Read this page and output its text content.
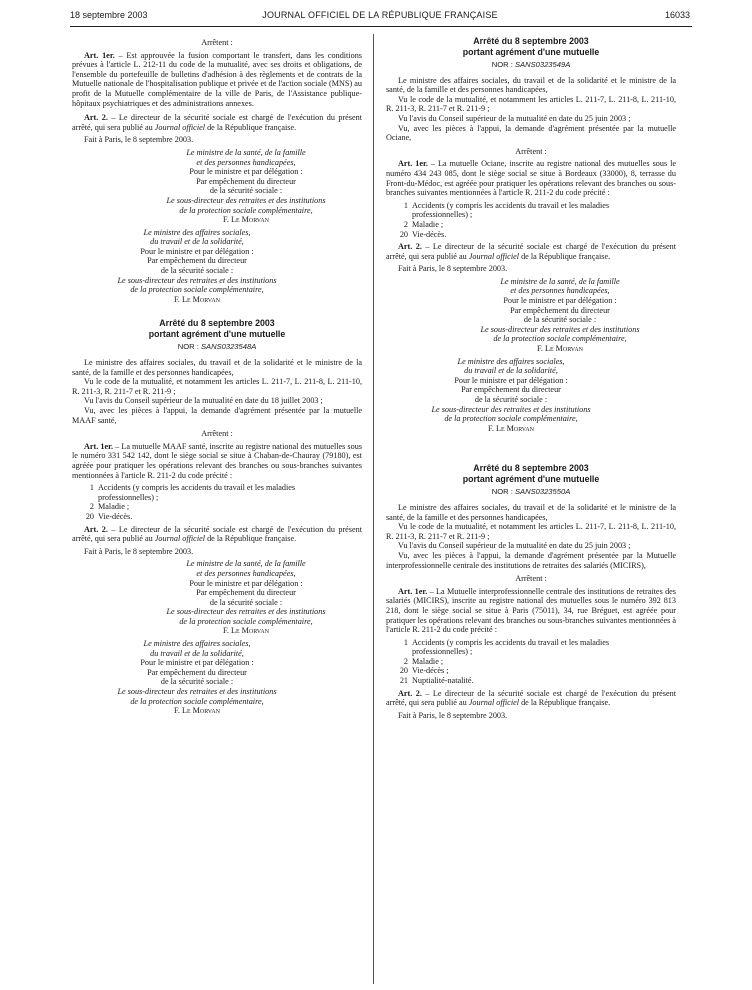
18 septembre 2003	JOURNAL OFFICIEL DE LA RÉPUBLIQUE FRANÇAISE	16033

Arrêtent :

Art. 1er. – Est approuvée la fusion comportant le transfert, dans les conditions prévues à l'article L. 212-11 du code de la mutualité, avec ses droits et obligations, de l'ensemble du portefeuille de bulletins d'adhésion à des règlements et de contrats de la Mutuelle nationale de l'hospitalisation publique et privée et de l'action sociale (MNS) au profit de la Mutuelle complémentaire de la ville de Paris, de l'Assistance publique-hôpitaux psychiatriques et des administrations annexes.

Art. 2. – Le directeur de la sécurité sociale est chargé de l'exécution du présent arrêté, qui sera publié au Journal officiel de la République française.

Fait à Paris, le 8 septembre 2003.

Le ministre de la santé, de la famille
et des personnes handicapées,
Pour le ministre et par délégation :
Par empêchement du directeur
de la sécurité sociale :
Le sous-directeur des retraites et des institutions
de la protection sociale complémentaire,
F. Le Morvan
Le ministre des affaires sociales,
du travail et de la solidarité,
Pour le ministre et par délégation :
Par empêchement du directeur
de la sécurité sociale :
Le sous-directeur des retraites et des institutions
de la protection sociale complémentaire,
F. Le Morvan
Arrêté du 8 septembre 2003
portant agrément d'une mutuelle
NOR : SANS0323548A

Le ministre des affaires sociales, du travail et de la solidarité et le ministre de la santé, de la famille et des personnes handicapées,

Vu le code de la mutualité, et notamment les articles L. 211-7, L. 211-8, L. 211-10, R. 211-3, R. 211-7 et R. 211-9 ;

Vu l'avis du Conseil supérieur de la mutualité en date du 18 juillet 2003 ;

Vu, avec les pièces à l'appui, la demande d'agrément présentée par la mutuelle MAAF santé,

Arrêtent :

Art. 1er. – La mutuelle MAAF santé, inscrite au registre national des mutuelles sous le numéro 331 542 142, dont le siège social se situe à Chaban-de-Chauray (79180), est agréée pour pratiquer les opérations relevant des branches ou sous-branches suivantes mentionnées à l'article R. 211-2 du code précité :

1 Accidents (y compris les accidents du travail et les maladies
professionnelles) ;
2 Maladie ;
20 Vie-décès.

Art. 2. – Le directeur de la sécurité sociale est chargé de l'exécution du présent arrêté, qui sera publié au Journal officiel de la République française.

Fait à Paris, le 8 septembre 2003.

Le ministre de la santé, de la famille
et des personnes handicapées,
Pour le ministre et par délégation :
Par empêchement du directeur
de la sécurité sociale :
Le sous-directeur des retraites et des institutions
de la protection sociale complémentaire,
F. Le Morvan
Le ministre des affaires sociales,
du travail et de la solidarité,
Pour le ministre et par délégation :
Par empêchement du directeur
de la sécurité sociale :
Le sous-directeur des retraites et des institutions
de la protection sociale complémentaire,
F. Le Morvan
Arrêté du 8 septembre 2003
portant agrément d'une mutuelle
NOR : SANS0323549A

Le ministre des affaires sociales, du travail et de la solidarité et le ministre de la santé, de la famille et des personnes handicapées,

Vu le code de la mutualité, et notamment les articles L. 211-7, L. 211-8, L. 211-10, R. 211-3, R. 211-7 et R. 211-9 ;

Vu l'avis du Conseil supérieur de la mutualité en date du 25 juin 2003 ;

Vu, avec les pièces à l'appui, la demande d'agrément présentée par la mutuelle Ociane,

Arrêtent :

Art. 1er. – La mutuelle Ociane, inscrite au registre national des mutuelles sous le numéro 434 243 085, dont le siège social se situe à Bordeaux (33000), 8, terrasse du Front-du-Médoc, est agréée pour pratiquer les opérations relevant des branches ou sous-branches suivantes mentionnées à l'article R. 211-2 du code précité :

1 Accidents (y compris les accidents du travail et les maladies
professionnelles) ;
2 Maladie ;
20 Vie-décès.

Art. 2. – Le directeur de la sécurité sociale est chargé de l'exécution du présent arrêté, qui sera publié au Journal officiel de la République française.

Fait à Paris, le 8 septembre 2003.

Le ministre de la santé, de la famille
et des personnes handicapées,
Pour le ministre et par délégation :
Par empêchement du directeur
de la sécurité sociale :
Le sous-directeur des retraites et des institutions
de la protection sociale complémentaire,
F. Le Morvan
Le ministre des affaires sociales,
du travail et de la solidarité,
Pour le ministre et par délégation :
Par empêchement du directeur
de la sécurité sociale :
Le sous-directeur des retraites et des institutions
de la protection sociale complémentaire,
F. Le Morvan
Arrêté du 8 septembre 2003
portant agrément d'une mutuelle
NOR : SANS0323550A

Le ministre des affaires sociales, du travail et de la solidarité et le ministre de la santé, de la famille et des personnes handicapées,

Vu le code de la mutualité, et notamment les articles L. 211-7, L. 211-8, L. 211-10, R. 211-3, R. 211-7 et R. 211-9 ;

Vu l'avis du Conseil supérieur de la mutualité en date du 25 juin 2003 ;

Vu, avec les pièces à l'appui, la demande d'agrément présentée par la Mutuelle interprofessionnelle centrale des institutions de retraites des salariés (MICIRS),

Arrêtent :

Art. 1er. – La Mutuelle interprofessionnelle centrale des institutions de retraites des salariés (MICIRS), inscrite au registre national des mutuelles sous le numéro 392 813 218, dont le siège social se situe à Paris (75011), 34, rue Bréguet, est agréée pour pratiquer les opérations relevant des branches ou sous-branches suivantes mentionnées à l'article R. 211-2 du code précité :

1 Accidents (y compris les accidents du travail et les maladies
professionnelles) ;
2 Maladie ;
20 Vie-décès ;
21 Nuptialité-natalité.

Art. 2. – Le directeur de la sécurité sociale est chargé de l'exécution du présent arrêté, qui sera publié au Journal officiel de la République française.

Fait à Paris, le 8 septembre 2003.
